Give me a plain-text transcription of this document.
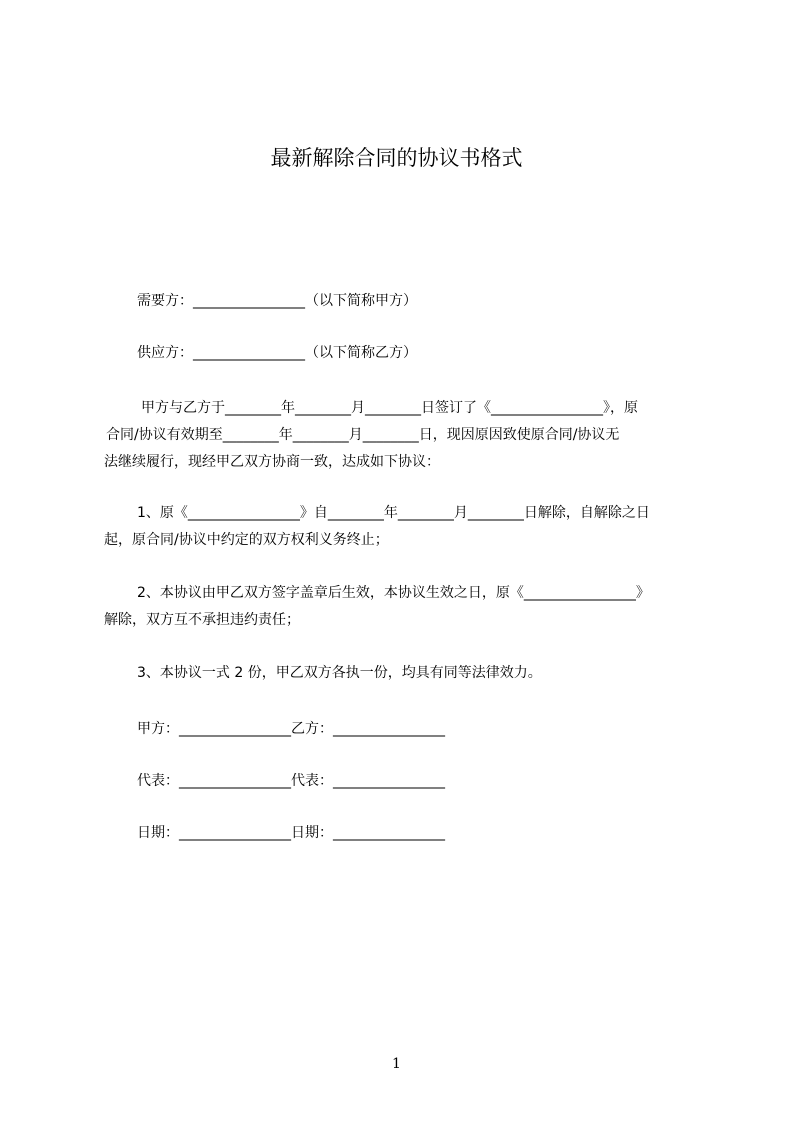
最新解除合同的协议书格式
需要方：________________（以下简称甲方）
供应方：________________（以下简称乙方）
甲方与乙方于________年________月________日签订了《________________》，原
合同/协议有效期至________年________月________日，现因原因致使原合同/协议无
法继续履行，现经甲乙双方协商一致，达成如下协议：
1、原《________________》自________年________月________日解除，自解除之日
起，原合同/协议中约定的双方权利义务终止；
2、本协议由甲乙双方签字盖章后生效，本协议生效之日，原《________________》
解除，双方互不承担违约责任；
3、本协议一式 2 份，甲乙双方各执一份，均具有同等法律效力。
甲方：________________乙方：________________
代表：________________代表：________________
日期：________________日期：________________
1
